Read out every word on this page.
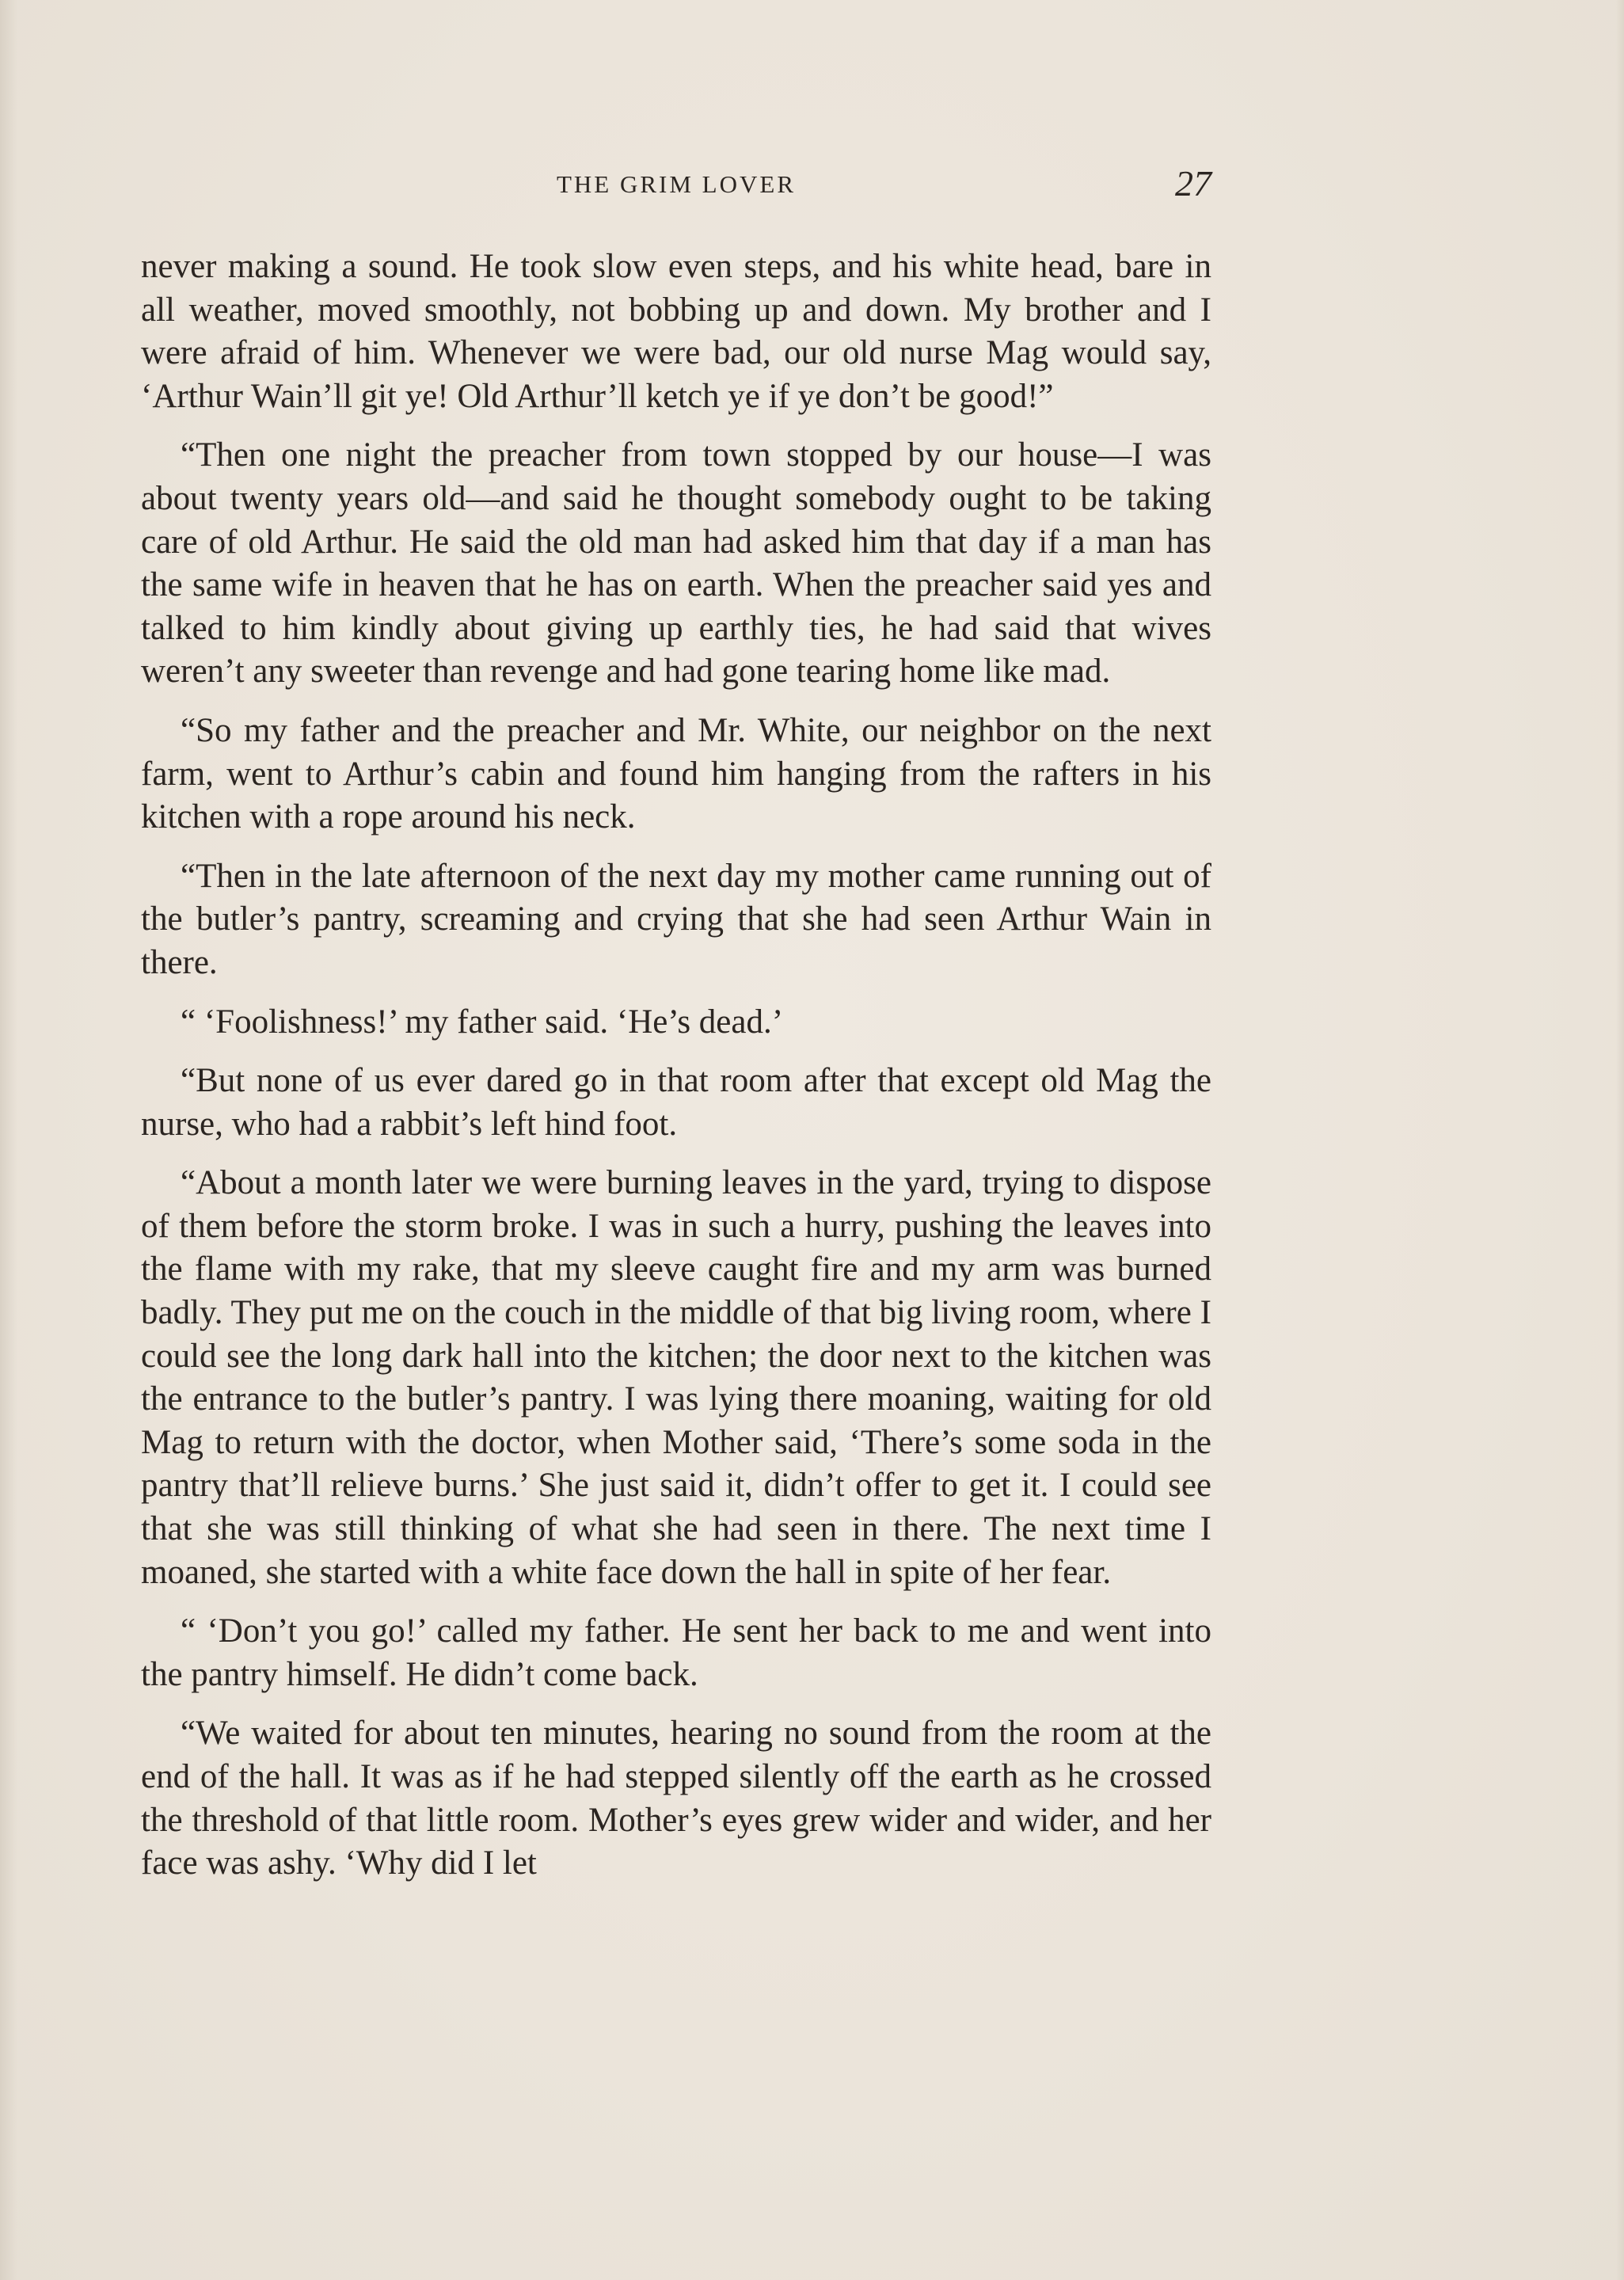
THE GRIM LOVER	27

never making a sound. He took slow even steps, and his white head, bare in all weather, moved smoothly, not bobbing up and down. My brother and I were afraid of him. Whenever we were bad, our old nurse Mag would say, ‘Arthur Wain’ll git ye! Old Arthur’ll ketch ye if ye don’t be good!”

“Then one night the preacher from town stopped by our house—I was about twenty years old—and said he thought somebody ought to be taking care of old Arthur. He said the old man had asked him that day if a man has the same wife in heaven that he has on earth. When the preacher said yes and talked to him kindly about giving up earthly ties, he had said that wives weren’t any sweeter than revenge and had gone tearing home like mad.

“So my father and the preacher and Mr. White, our neighbor on the next farm, went to Arthur’s cabin and found him hanging from the rafters in his kitchen with a rope around his neck.

“Then in the late afternoon of the next day my mother came running out of the butler’s pantry, screaming and crying that she had seen Arthur Wain in there.

“ ‘Foolishness!’ my father said. ‘He’s dead.’

“But none of us ever dared go in that room after that except old Mag the nurse, who had a rabbit’s left hind foot.

“About a month later we were burning leaves in the yard, trying to dispose of them before the storm broke. I was in such a hurry, pushing the leaves into the flame with my rake, that my sleeve caught fire and my arm was burned badly. They put me on the couch in the middle of that big living room, where I could see the long dark hall into the kitchen; the door next to the kitchen was the entrance to the butler’s pantry. I was lying there moaning, waiting for old Mag to return with the doctor, when Mother said, ‘There’s some soda in the pantry that’ll relieve burns.’ She just said it, didn’t offer to get it. I could see that she was still thinking of what she had seen in there. The next time I moaned, she started with a white face down the hall in spite of her fear.

“ ‘Don’t you go!’ called my father. He sent her back to me and went into the pantry himself. He didn’t come back.

“We waited for about ten minutes, hearing no sound from the room at the end of the hall. It was as if he had stepped silently off the earth as he crossed the threshold of that little room. Mother’s eyes grew wider and wider, and her face was ashy. ‘Why did I let
